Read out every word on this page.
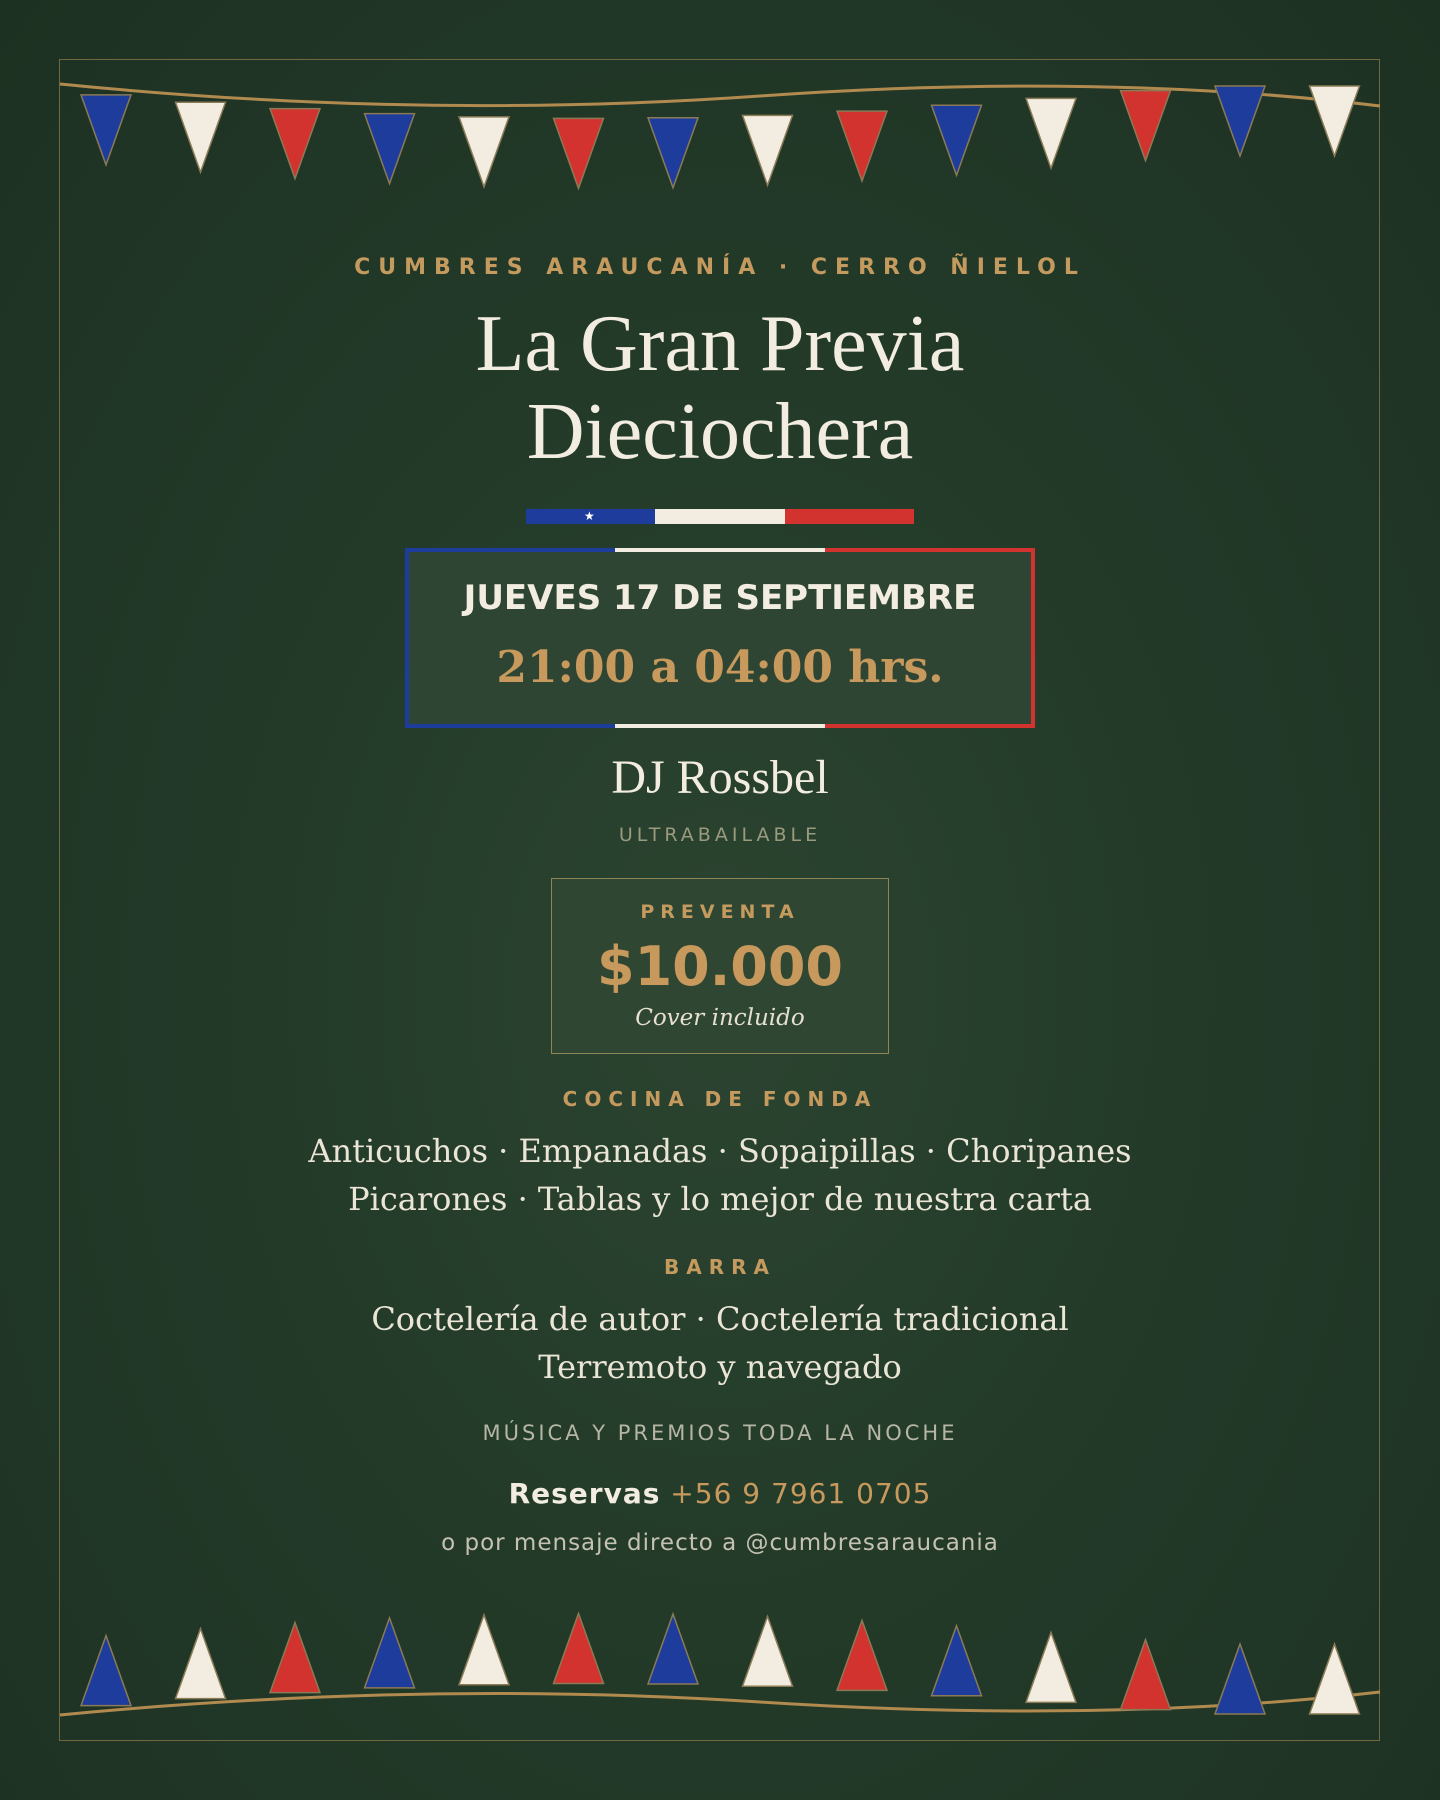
CUMBRES ARAUCANÍA · CERRO ÑIELOL
La Gran Previa
Dieciochera
★
JUEVES 17 DE SEPTIEMBRE
21:00 a 04:00 hrs.
DJ Rossbel
ULTRABAILABLE
PREVENTA
$10.000
Cover incluido
COCINA DE FONDA
Anticuchos · Empanadas · Sopaipillas · Choripanes
Picarones · Tablas y lo mejor de nuestra carta
BARRA
Coctelería de autor · Coctelería tradicional
Terremoto y navegado
MÚSICA Y PREMIOS TODA LA NOCHE
Reservas +56 9 7961 0705
o por mensaje directo a @cumbresaraucania
